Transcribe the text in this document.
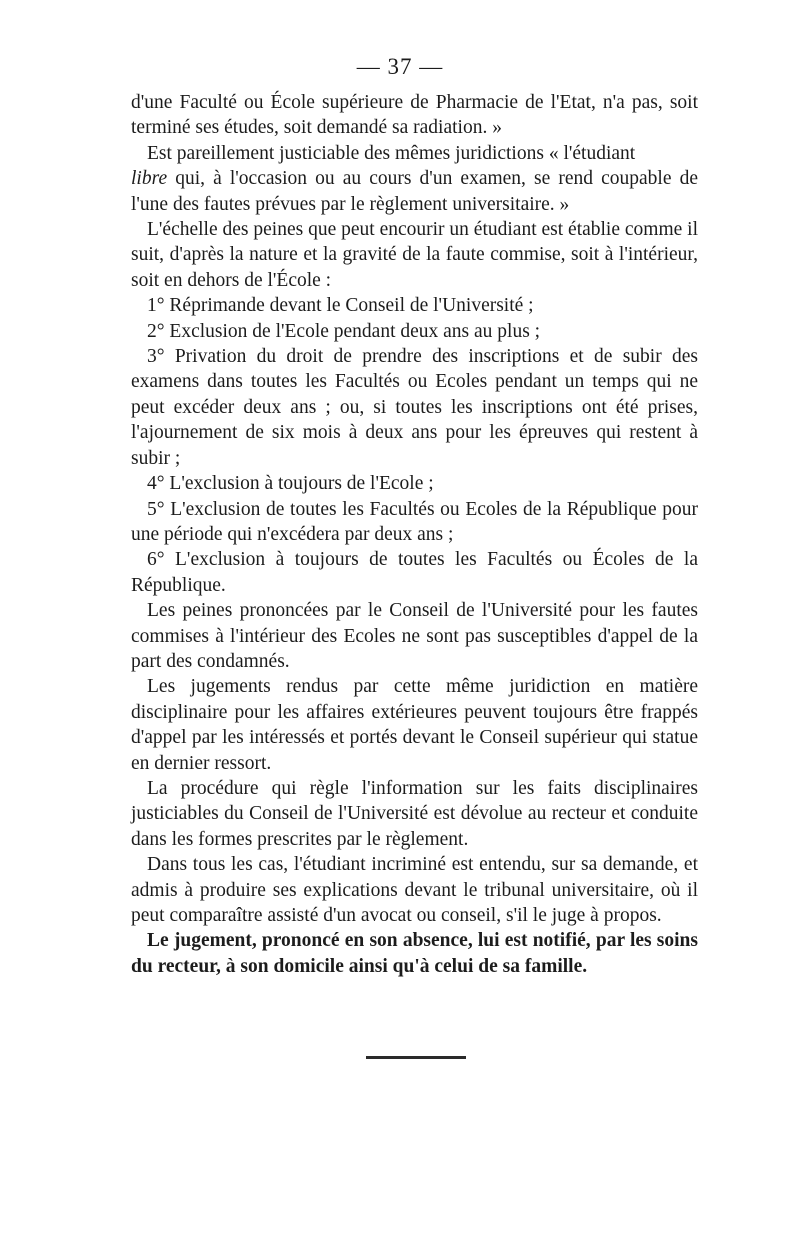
— 37 —

d'une Faculté ou École supérieure de Pharmacie de l'Etat, n'a pas, soit terminé ses études, soit demandé sa radiation. »

Est pareillement justiciable des mêmes juridictions « l'étudiant
libre qui, à l'occasion ou au cours d'un examen, se rend coupable de l'une des fautes prévues par le règlement universitaire. »

L'échelle des peines que peut encourir un étudiant est établie comme il suit, d'après la nature et la gravité de la faute commise, soit à l'intérieur, soit en dehors de l'École :

1° Réprimande devant le Conseil de l'Université ;

2° Exclusion de l'Ecole pendant deux ans au plus ;

3° Privation du droit de prendre des inscriptions et de subir des examens dans toutes les Facultés ou Ecoles pendant un temps qui ne peut excéder deux ans ; ou, si toutes les inscriptions ont été prises, l'ajournement de six mois à deux ans pour les épreuves qui restent à subir ;

4° L'exclusion à toujours de l'Ecole ;

5° L'exclusion de toutes les Facultés ou Ecoles de la République pour une période qui n'excédera par deux ans ;

6° L'exclusion à toujours de toutes les Facultés ou Écoles de la République.

Les peines prononcées par le Conseil de l'Université pour les fautes commises à l'intérieur des Ecoles ne sont pas susceptibles d'appel de la part des condamnés.

Les jugements rendus par cette même juridiction en matière disciplinaire pour les affaires extérieures peuvent toujours être frappés d'appel par les intéressés et portés devant le Conseil supérieur qui statue en dernier ressort.

La procédure qui règle l'information sur les faits disciplinaires justiciables du Conseil de l'Université est dévolue au recteur et conduite dans les formes prescrites par le règlement.

Dans tous les cas, l'étudiant incriminé est entendu, sur sa demande, et admis à produire ses explications devant le tribunal universitaire, où il peut comparaître assisté d'un avocat ou conseil, s'il le juge à propos.

Le jugement, prononcé en son absence, lui est notifié, par les soins du recteur, à son domicile ainsi qu'à celui de sa famille.
